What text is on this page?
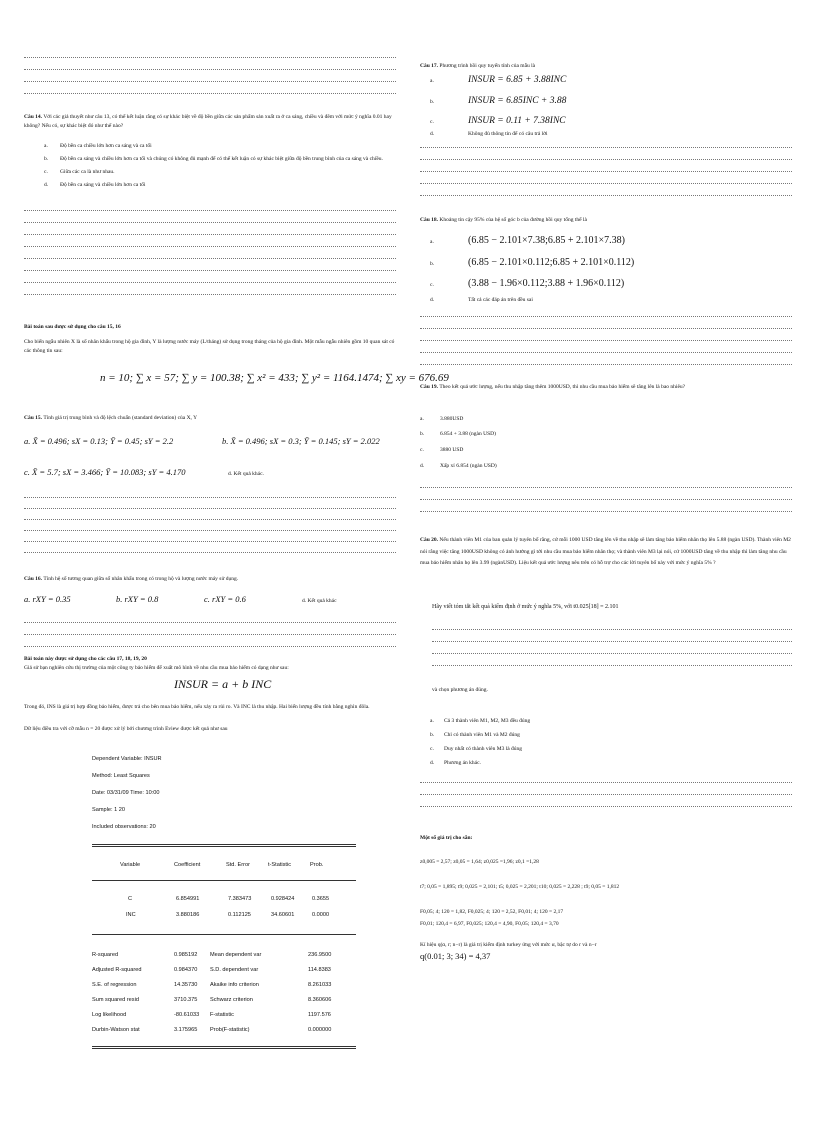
Câu 14. Với các giả thuyết như câu 13, có thể kết luận rằng có sự khác biệt về độ bền giữa các sản phẩm sản xuất ra ở ca sáng, chiều và đêm với mức ý nghĩa 0.01 hay không? Nếu có, sự khác biệt đó như thế nào?
a. Độ bền ca chiều lớn hơn ca sáng và ca tối
b. Độ bền ca sáng và chiều lớn hơn ca tối và chúng có không đủ mạnh để có thể kết luận có sự khác biệt giữa độ bền trung bình của ca sáng và chiều.
c. Giữa các ca là như nhau.
d. Độ bền ca sáng và chiều lớn hơn ca tối
Bài toán sau được sử dụng cho câu 15, 16
Cho biến ngẫu nhiên X là số nhân khẩu trong hộ gia đình, Y là lượng nước máy (L/tháng) sử dụng trong tháng của hộ gia đình. Một mẫu ngẫu nhiên gồm 10 quan sát có các thông tin sau:
n = 10; ∑ x = 57; ∑ y = 100.38; ∑ x² = 433; ∑ y² = 1164.1474; ∑ xy = 676.69
Câu 15. Tính giá trị trung bình và độ lệch chuẩn (standard deviation) của X, Y
a. X̄ = 0.496; sX = 0.13; Ȳ = 0.45; sY = 2.2	b. X̄ = 0.496; sX = 0.3; Ȳ = 0.145; sY = 2.022
c. X̄ = 5.7; sX = 3.466; Ȳ = 10.083; sY = 4.170	d. Kết quả khác.
Câu 16. Tính hệ số tương quan giữa số nhân khẩu trong có trong hộ và lượng nước máy sử dụng.
a. rXY = 0.35	b. rXY = 0.8	c. rXY = 0.6	d. Kết quả khác
Bài toán này được sử dụng cho các câu 17, 18, 19, 20
Giả sử bạn nghiên cứu thị trường của một công ty bảo hiểm để xuất mô hình về nhu cầu mua bảo hiểm có dạng như sau:
INSUR = a + b INC
Trong đó, INS là giá trị hợp đồng bảo hiểm, được trả cho bên mua bảo hiểm, nếu xảy ra rủi ro. Và INC là thu nhập. Hai biến lượng đều tính bằng nghìn đôla.
Dữ liệu điều tra với cỡ mẫu n = 20 được xử lý bởi chương trình Eview được kết quả như sau
Dependent Variable: INSUR
Method: Least Squares
Date: 03/31/09 Time: 10:00
Sample: 1 20
Included observations: 20
Variable	Coefficient	Std. Error	t-Statistic	Prob.
C	6.854991	7.383473	0.928424	0.3655
INC	3.880186	0.112125	34.60601	0.0000
R-squared	0.985192 Mean dependent var	236.9500
Adjusted R-squared	0.984370 S.D. dependent var	114.8383
S.E. of regression	14.35730 Akaike info criterion	8.261033
Sum squared resid	3710.375 Schwarz criterion	8.360606
Log likelihood	-80.61033 F-statistic	1197.576
Durbin-Watson stat	3.175965 Prob(F-statistic)	0.000000
Câu 17. Phương trình hồi quy tuyến tính của mẫu là
a.	INSUR = 6.85 + 3.88INC
b.	INSUR = 6.85INC + 3.88
c.	INSUR = 0.11 + 7.38INC
d.	Không đủ thông tin để có câu trả lời
Câu 18. Khoảng tin cậy 95% của hệ số góc b của đường hồi quy tổng thể là
a.	(6.85 − 2.101×7.38;6.85 + 2.101×7.38)
b.	(6.85 − 2.101×0.112;6.85 + 2.101×0.112)
c.	(3.88 − 1.96×0.112;3.88 + 1.96×0.112)
d.	Tất cả các đáp án trên đều sai
Câu 19. Theo kết quả ước lượng, nếu thu nhập tăng thêm 1000USD, thì nhu cầu mua bảo hiểm sẽ tăng lên là bao nhiêu?
a.	3.880USD
b.	6.854 + 3.88 (ngàn USD)
c.	3880 USD
d.	Xấp xỉ 6.854 (ngàn USD)
Câu 20. Nếu thành viên M1 của ban quản lý tuyên bố rằng, cứ mỗi 1000 USD tăng lên về thu nhập sẽ làm tăng bảo hiểm nhân thọ lên 5.88 (ngàn USD). Thành viên M2 nói rằng việc tăng 1000USD không có ảnh hưởng gì tới nhu cầu mua bảo hiểm nhân thọ; và thành viên M3 lại nói, cứ 1000USD tăng về thu nhập thì làm tăng nhu cầu mua bảo hiểm nhân họ lên 3.99 (ngànUSD). Liệu kết quả ước lượng nêu trên có hỗ trợ cho các lời tuyên bố này với mức ý nghĩa 5% ?
Hãy viết tóm tắt kết quả kiểm định ở mức ý nghĩa 5%, với t0.025[18] = 2.101
và chọn phương án đúng.
a. Cả 3 thành viên M1, M2, M3 đều đúng
b. Chỉ có thành viên M1 và M2 đúng
c. Duy nhất có thành viên M3 là đúng
d. Phương án khác.
Một số giá trị cho sẵn:
z0,005 = 2,57; z0,05 = 1,64; z0,025 =1,96; z0,1 =1,28
t7; 0,05 = 1,895; t9; 0,025 = 2,101; t5; 0,025 = 2,201; t10; 0,025 = 2,228 ; t9; 0,05 = 1,812
F0,05; 4; 120 = 1,82, F0,025; 4; 120 = 2,52, F0,01; 4; 120 = 2,17
F0,01; 120,4 = 6,97, F0,025; 120,4 = 4,90, F0,05; 120,4 = 3,70
Kí hiệu q(α, r; n−r) là giá trị kiểm định turkey ứng với mức α, bậc tự do r và n−r
q(0.01; 3; 34) = 4,37
